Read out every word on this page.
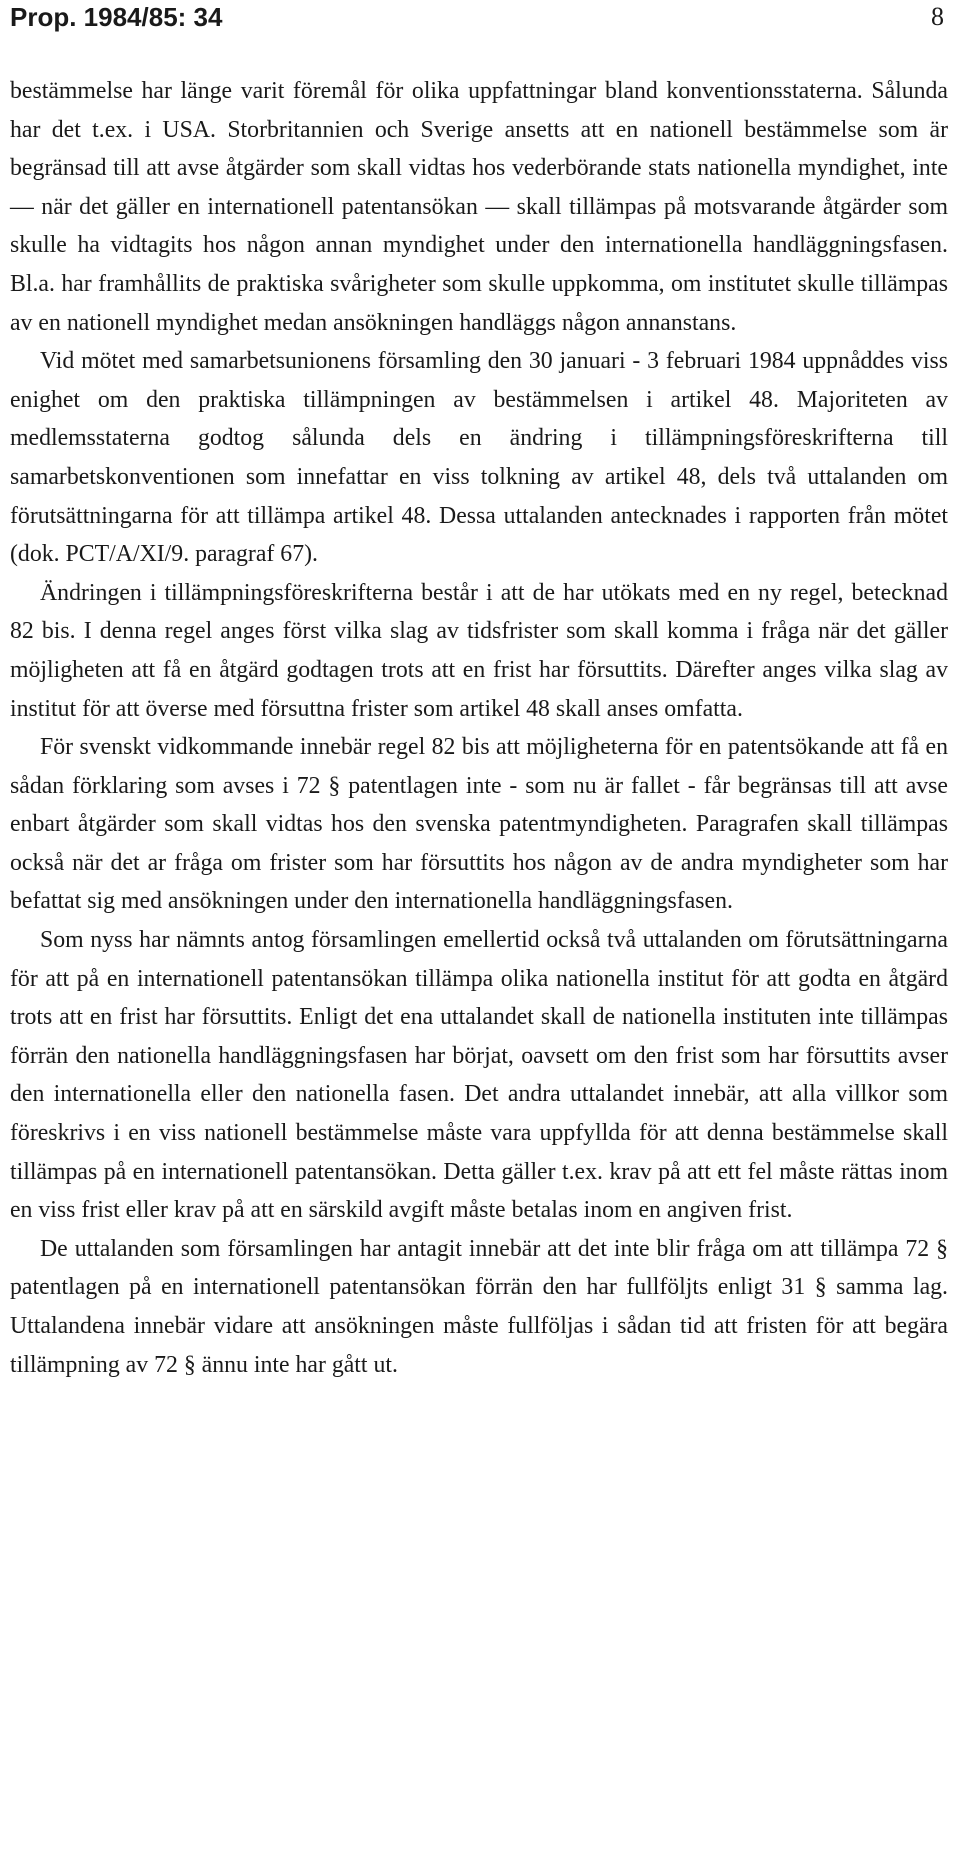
Prop. 1984/85: 34	8

bestämmelse har länge varit föremål för olika uppfattningar bland konventionsstaterna. Sålunda har det t.ex. i USA. Storbritannien och Sverige ansetts att en nationell bestämmelse som är begränsad till att avse åtgärder som skall vidtas hos vederbörande stats nationella myndighet, inte — när det gäller en internationell patentansökan — skall tillämpas på motsvarande åtgärder som skulle ha vidtagits hos någon annan myndighet under den internationella handläggningsfasen. Bl.a. har framhållits de praktiska svårigheter som skulle uppkomma, om institutet skulle tillämpas av en nationell myndighet medan ansökningen handläggs någon annanstans.

Vid mötet med samarbetsunionens församling den 30 januari - 3 februari 1984 uppnåddes viss enighet om den praktiska tillämpningen av bestämmelsen i artikel 48. Majoriteten av medlemsstaterna godtog sålunda dels en ändring i tillämpningsföreskrifterna till samarbetskonventionen som innefattar en viss tolkning av artikel 48, dels två uttalanden om förutsättningarna för att tillämpa artikel 48. Dessa uttalanden antecknades i rapporten från mötet (dok. PCT/A/XI/9. paragraf 67).

Ändringen i tillämpningsföreskrifterna består i att de har utökats med en ny regel, betecknad 82 bis. I denna regel anges först vilka slag av tidsfrister som skall komma i fråga när det gäller möjligheten att få en åtgärd godtagen trots att en frist har försuttits. Därefter anges vilka slag av institut för att överse med försuttna frister som artikel 48 skall anses omfatta.

För svenskt vidkommande innebär regel 82 bis att möjligheterna för en patentsökande att få en sådan förklaring som avses i 72 § patentlagen inte - som nu är fallet - får begränsas till att avse enbart åtgärder som skall vidtas hos den svenska patentmyndigheten. Paragrafen skall tillämpas också när det ar fråga om frister som har försuttits hos någon av de andra myndigheter som har befattat sig med ansökningen under den internationella handläggningsfasen.

Som nyss har nämnts antog församlingen emellertid också två uttalanden om förutsättningarna för att på en internationell patentansökan tillämpa olika nationella institut för att godta en åtgärd trots att en frist har försuttits. Enligt det ena uttalandet skall de nationella instituten inte tillämpas förrän den nationella handläggningsfasen har börjat, oavsett om den frist som har försuttits avser den internationella eller den nationella fasen. Det andra uttalandet innebär, att alla villkor som föreskrivs i en viss nationell bestämmelse måste vara uppfyllda för att denna bestämmelse skall tillämpas på en internationell patentansökan. Detta gäller t.ex. krav på att ett fel måste rättas inom en viss frist eller krav på att en särskild avgift måste betalas inom en angiven frist.

De uttalanden som församlingen har antagit innebär att det inte blir fråga om att tillämpa 72 § patentlagen på en internationell patentansökan förrän den har fullföljts enligt 31 § samma lag. Uttalandena innebär vidare att ansökningen måste fullföljas i sådan tid att fristen för att begära tillämpning av 72 § ännu inte har gått ut.
